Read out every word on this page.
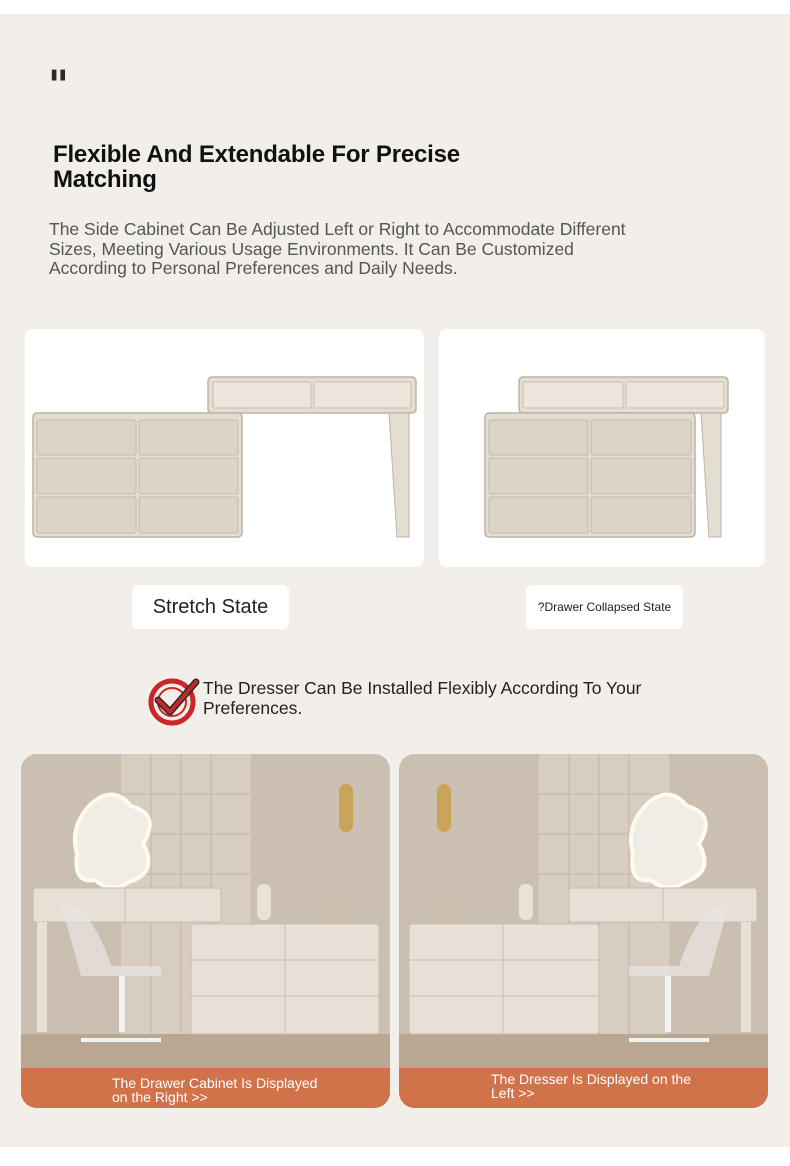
"
Flexible And Extendable For Precise Matching

The Side Cabinet Can Be Adjusted Left or Right to Accommodate Different Sizes, Meeting Various Usage Environments. It Can Be Customized According to Personal Preferences and Daily Needs.

Stretch State	?Drawer Collapsed State

The Dresser Can Be Installed Flexibly According To Your Preferences.

The Drawer Cabinet Is Displayed on the Right >>
The Dresser Is Displayed on the Left >>
